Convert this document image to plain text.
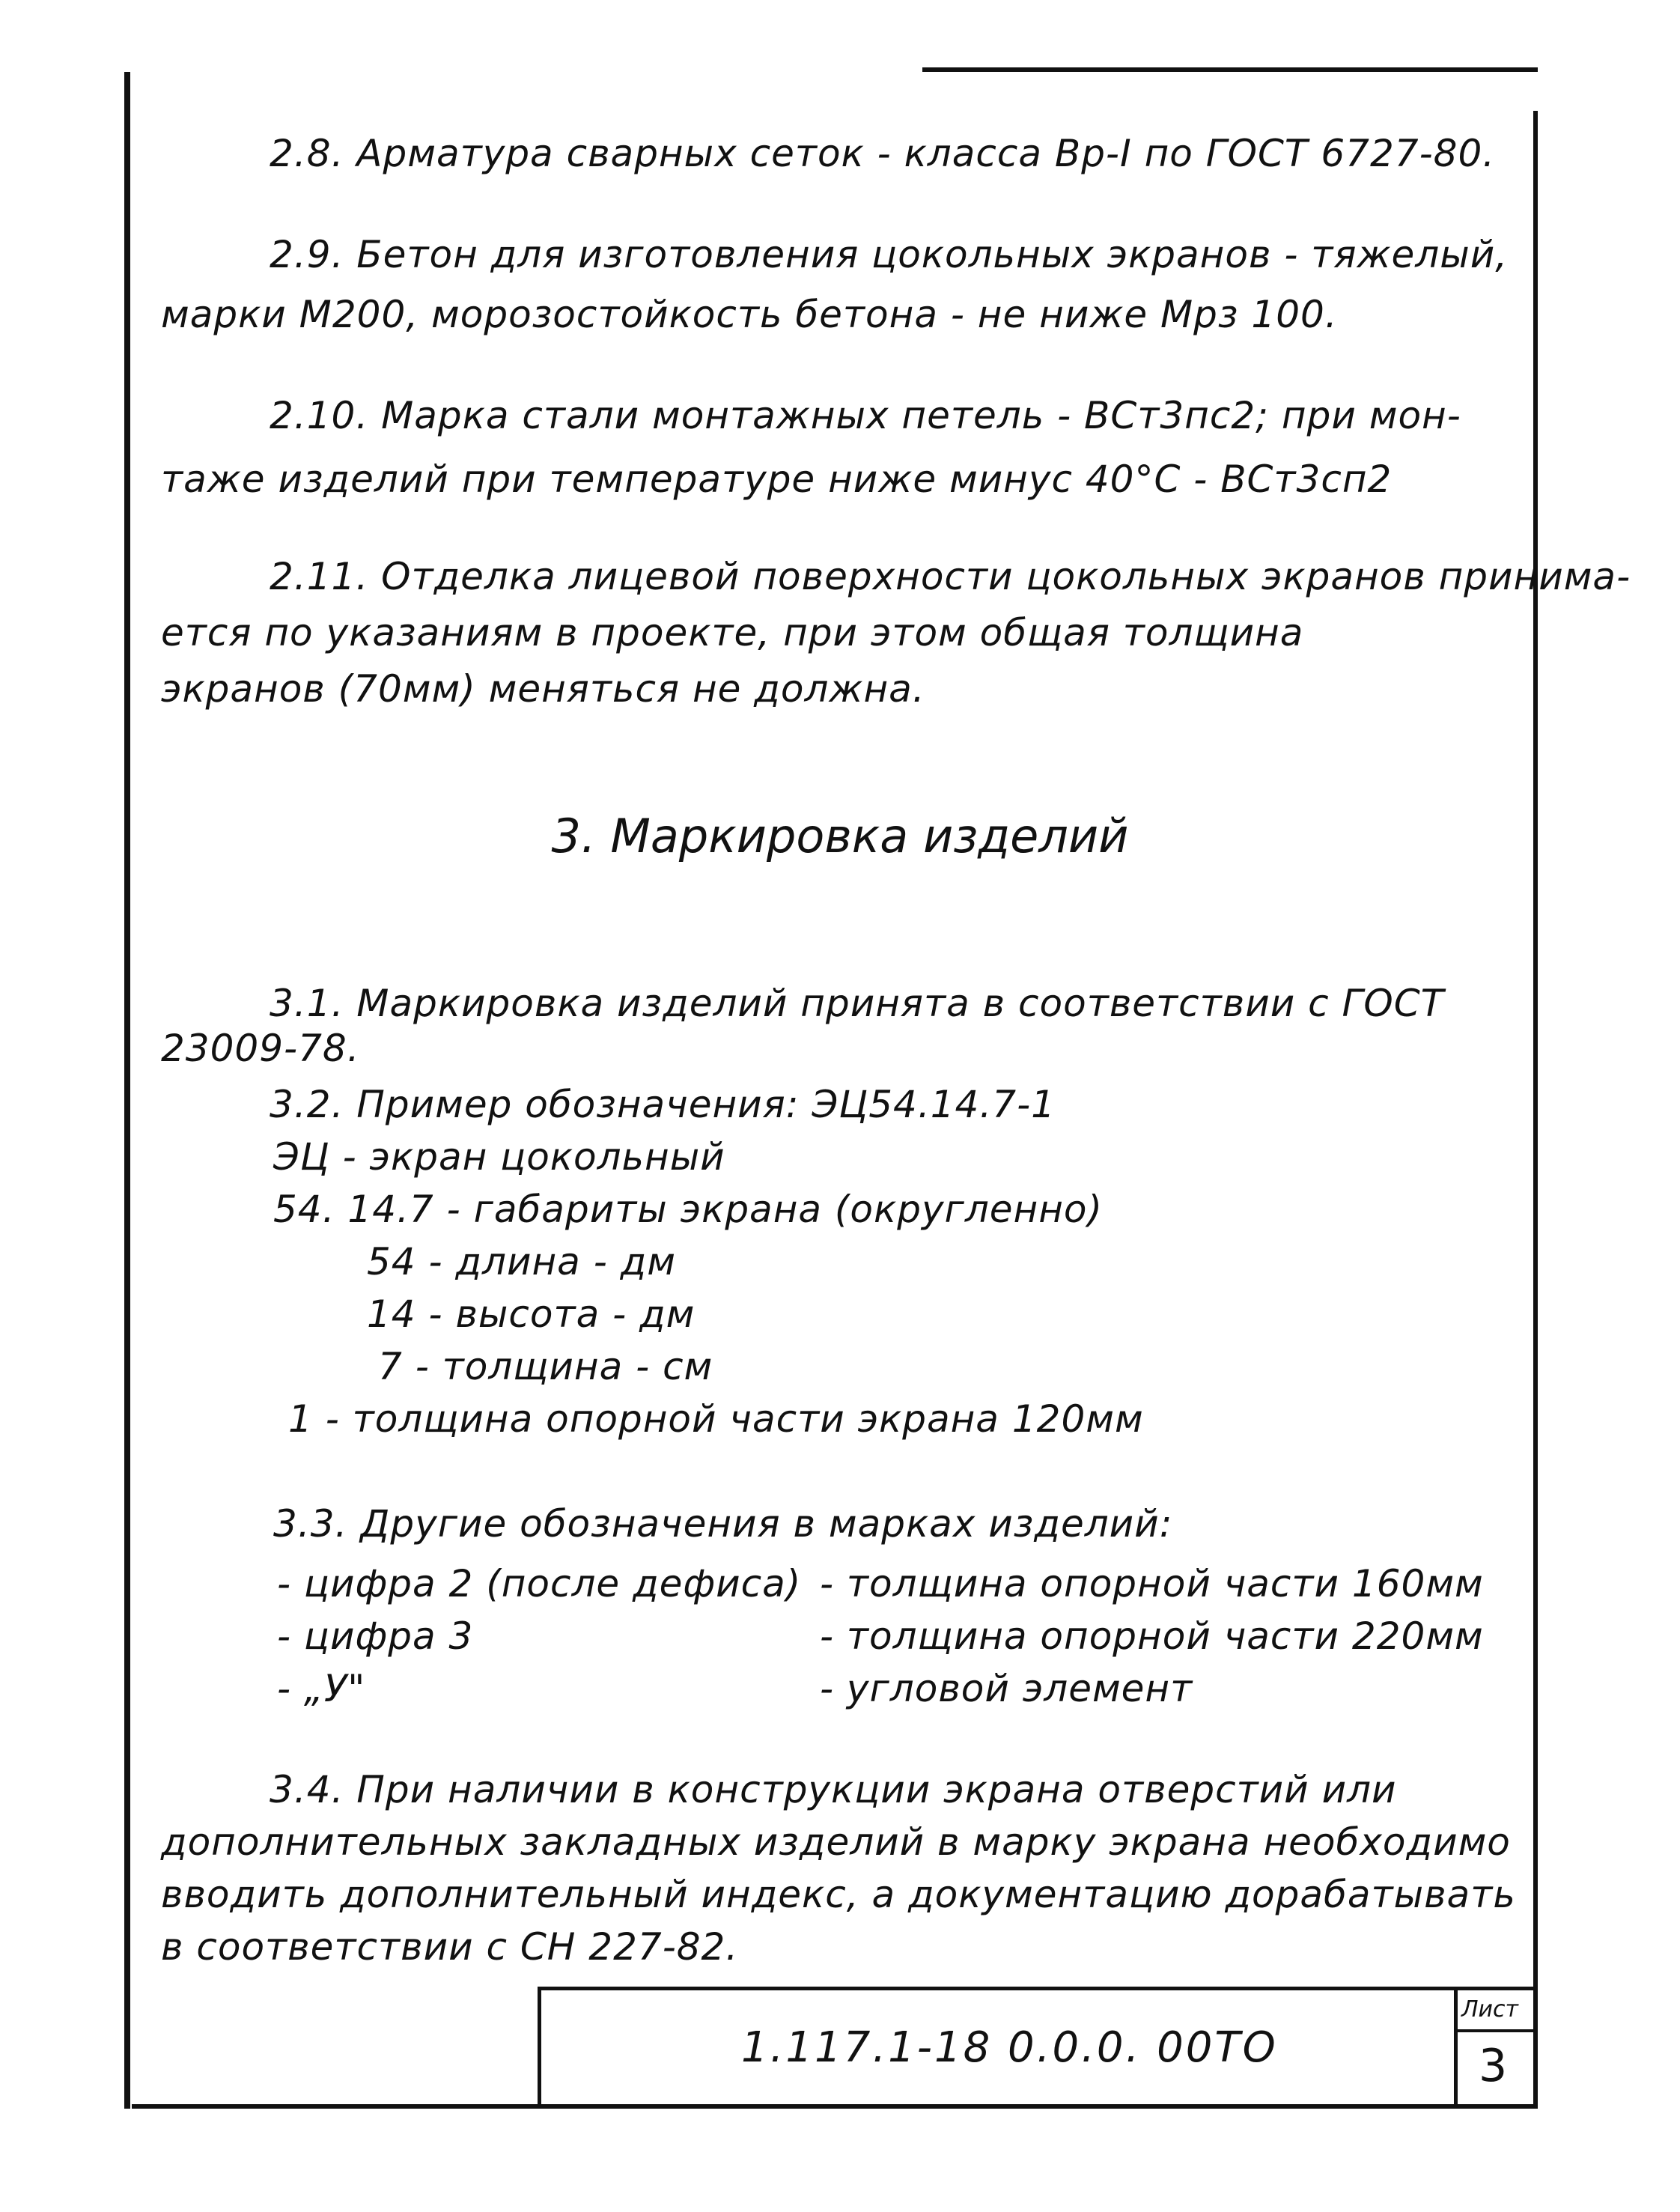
2.8. Арматура сварных сеток - класса Вр-I по ГОСТ 6727-80.
2.9. Бетон для изготовления цокольных экранов - тяжелый,
марки М200, морозостойкость бетона - не ниже Мрз 100.
2.10. Марка стали монтажных петель - ВСт3пс2; при мон-
таже изделий при температуре ниже минус 40°С - ВСт3сп2
2.11. Отделка лицевой поверхности цокольных экранов принима-
ется по указаниям в проекте, при этом общая толщина
экранов (70мм) меняться не должна.
3. Маркировка изделий
3.1. Маркировка изделий принята в соответствии с ГОСТ
23009-78.
3.2. Пример обозначения: ЭЦ54.14.7-1
ЭЦ - экран цокольный
54. 14.7 - габариты экрана (округленно)
54 - длина - дм
14 - высота - дм
7 - толщина - см
1 - толщина опорной части экрана 120мм
3.3. Другие обозначения в марках изделий:
- цифра 2 (после дефиса) - толщина опорной части 160мм
- цифра 3	- толщина опорной части 220мм
- „У"	- угловой элемент
3.4. При наличии в конструкции экрана отверстий или
дополнительных закладных изделий в марку экрана необходимо
вводить дополнительный индекс, а документацию дорабатывать
в соответствии с СН 227-82.
1.117.1-18 0.0.0. 00ТО
Лист
3
